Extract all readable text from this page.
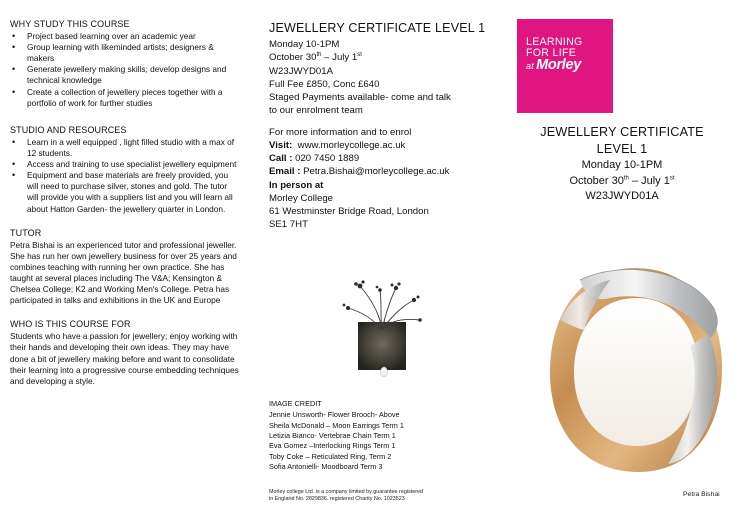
WHY STUDY THIS COURSE
• Project based learning over an academic year
• Group learning with likeminded artists; designers & makers
• Generate jewellery making skills; develop designs and technical knowledge
• Create a collection of jewellery pieces together with a portfolio of work for further studies
STUDIO AND RESOURCES
• Learn in a well equipped , light filled studio with a max of 12 students.
• Access and training to use specialist jewellery equipment
• Equipment and base materials are freely provided, you will need to purchase silver, stones and gold. The tutor will provide you with a suppliers list and you will learn all about Hatton Garden- the jewellery quarter in London.
TUTOR

Petra Bishai is an experienced tutor and professional jeweller. She has run her own jewellery business for over 25 years and combines teaching with running her own practice. She has taught at several places including The V&A; Kensington & Chelsea College; K2 and Working Men's College. Petra has participated in talks and exhibitions in the UK and Europe

WHO IS THIS COURSE FOR

Students who have a passion for jewellery; enjoy working with their hands and developing their own ideas. They may have done a bit of jewellery making before and want to consolidate their learning into a progressive course embedding techniques and developing a style.

JEWELLERY CERTIFICATE LEVEL 1
Monday 10-1PM
October 30th – July 1st
W23JWYD01A
Full Fee £850, Conc £640
Staged Payments available- come and talk
to our enrolment team
For more information and to enrol
Visit: www.morleycollege.ac.uk
Call : 020 7450 1889
Email : Petra.Bishai@morleycollege.ac.uk
In person at
Morley College
61 Westminster Bridge Road, London
SE1 7HT
IMAGE CREDIT
Jennie Unsworth- Flower Brooch- Above
Sheila McDonald – Moon Earrings Term 1
Letizia Bianco- Vertebrae Chain Term 1
Eva Gomez –Interlocking Rings Term 1
Toby Coke – Reticulated Ring, Term 2
Sofia Antonielli- Moodboard Term 3
Morley college Ltd. is a company limited by guarantee registered
in England No. 2829836. registered Charity No. 1023523
LEARNING
FOR LIFE
at Morley
JEWELLERY CERTIFICATE
LEVEL 1
Monday 10-1PM
October 30th – July 1st
W23JWYD01A
Petra Bishai
